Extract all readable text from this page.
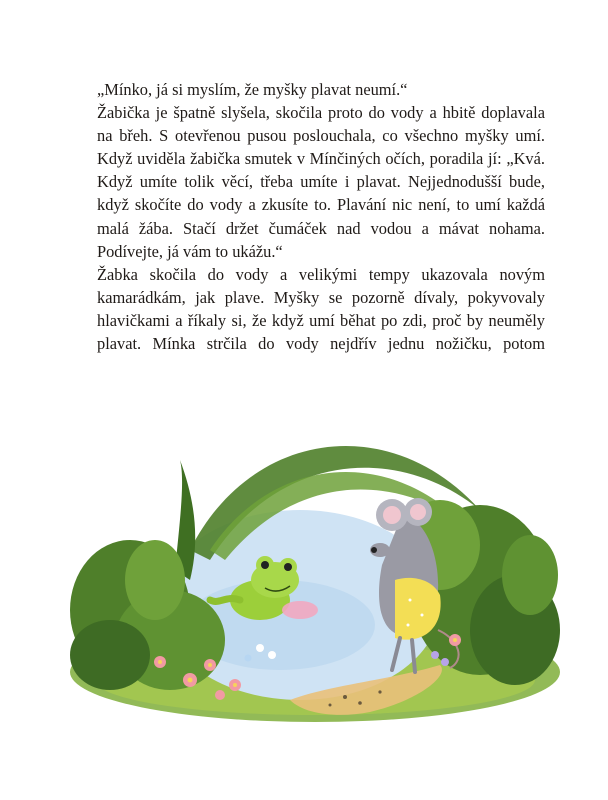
„Mínko, já si myslím, že myšky plavat neumí.“

Žabička je špatně slyšela, skočila proto do vody a hbitě doplavala
na břeh. S otevřenou pusou poslouchala, co všechno myšky umí.
Když uviděla žabička smutek v Mínčiných očích, poradila jí: „Kvá.
Když umíte tolik věcí, třeba umíte i plavat. Nejjednodušší bude,
když skočíte do vody a zkusíte to. Plavání nic není, to umí každá
malá žába. Stačí držet čumáček nad vodou a mávat nohama.
Podívejte, já vám to ukážu.“

Žabka skočila do vody a velikými tempy ukazovala novým
kamarádkám, jak plave. Myšky se pozorně dívaly, pokyvovaly
hlavičkami a říkaly si, že když umí běhat po zdi, proč by neuměly
plavat. Mínka strčila do vody nejdřív jednu nožičku, potom
